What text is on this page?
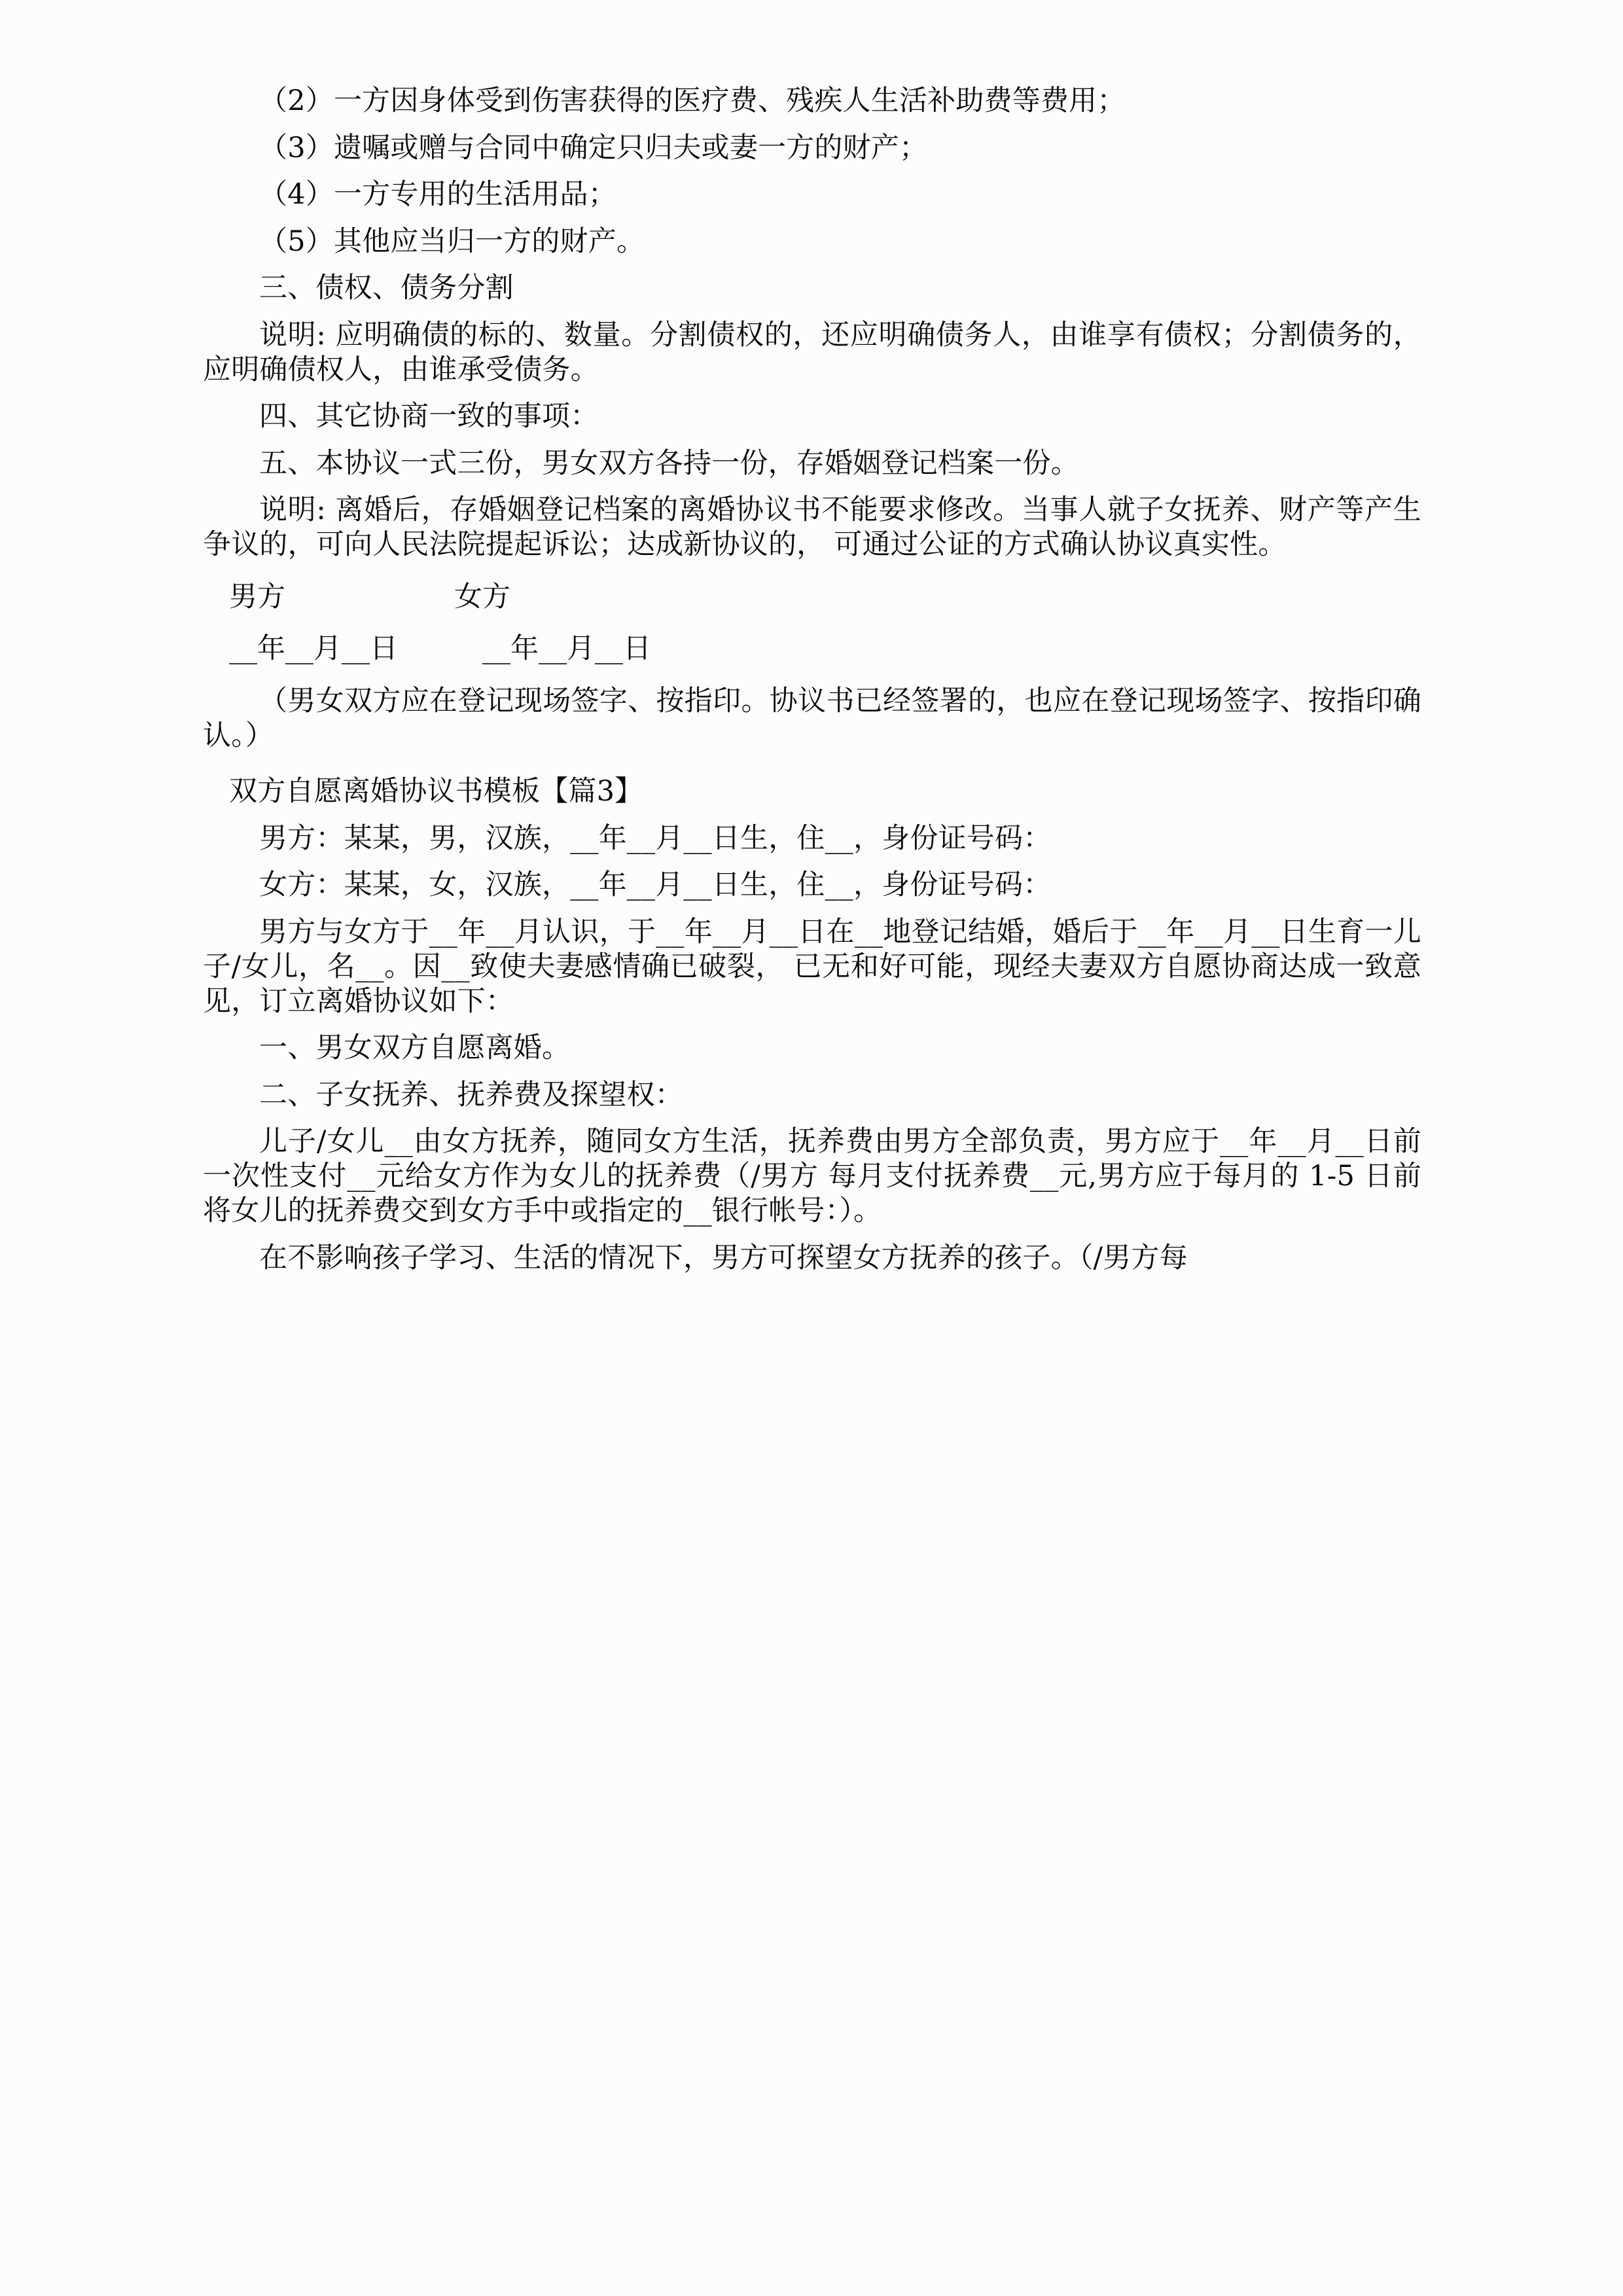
（2）一方因身体受到伤害获得的医疗费、残疾人生活补助费等费用；

（3）遗嘱或赠与合同中确定只归夫或妻一方的财产；

（4）一方专用的生活用品；

（5）其他应当归一方的财产。

三、债权、债务分割

说明: 应明确债的标的、数量。分割债权的，还应明确债务人，由谁享有债权；分割债务的，应明确债权人，由谁承受债务。

四、其它协商一致的事项：

五、本协议一式三份，男女双方各持一份，存婚姻登记档案一份。

说明: 离婚后，存婚姻登记档案的离婚协议书不能要求修改。当事人就子女抚养、财产等产生争议的，可向人民法院提起诉讼；达成新协议的， 可通过公证的方式确认协议真实性。

男方　　　　　　女方
__年__月__日　　　__年__月__日

（男女双方应在登记现场签字、按指印。协议书已经签署的，也应在登记现场签字、按指印确认。）

双方自愿离婚协议书模板【篇3】

男方：某某，男，汉族，__年__月__日生，住__，身份证号码：

女方：某某，女，汉族，__年__月__日生，住__，身份证号码：

男方与女方于__年__月认识，于__年__月__日在__地登记结婚，婚后于__年__月__日生育一儿子/女儿，名__。因__致使夫妻感情确已破裂， 已无和好可能，现经夫妻双方自愿协商达成一致意见，订立离婚协议如下：

一、男女双方自愿离婚。

二、子女抚养、抚养费及探望权：

儿子/女儿__由女方抚养，随同女方生活，抚养费由男方全部负责，男方应于__年__月__日前一次性支付__元给女方作为女儿的抚养费（/男方 每月支付抚养费__元,男方应于每月的 1-5 日前将女儿的抚养费交到女方手中或指定的__银行帐号：）。

在不影响孩子学习、生活的情况下，男方可探望女方抚养的孩子。（/男方每
